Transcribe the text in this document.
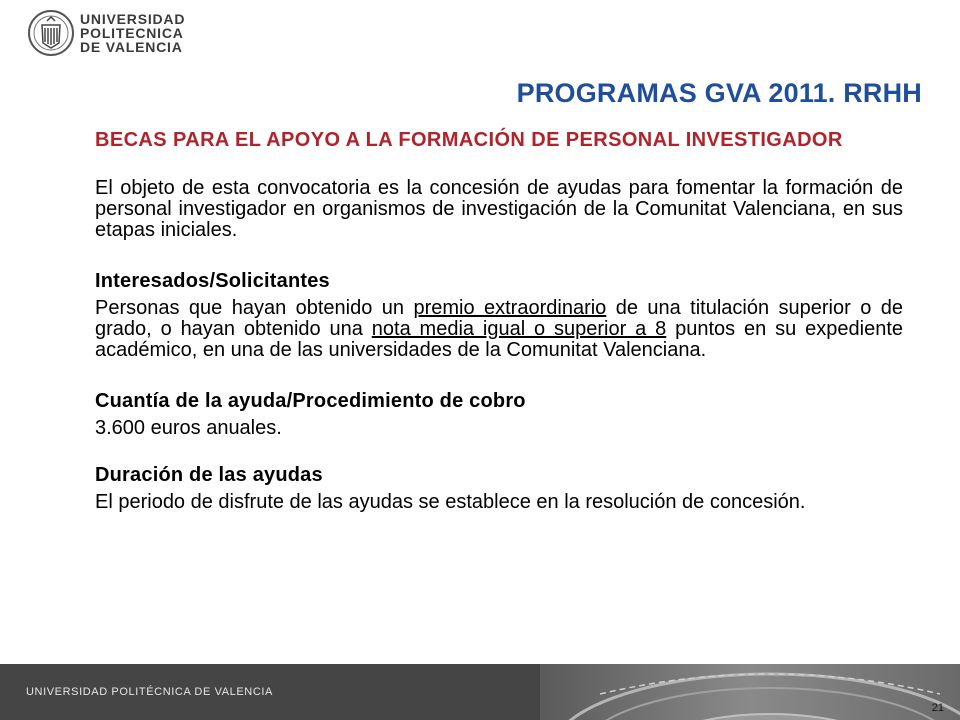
UNIVERSIDAD
POLITECNICA
DE VALENCIA
PROGRAMAS GVA 2011. RRHH

BECAS PARA EL APOYO A LA FORMACIÓN DE PERSONAL INVESTIGADOR

El objeto de esta convocatoria es la concesión de ayudas para fomentar la formación de personal investigador en organismos de investigación de la Comunitat Valenciana, en sus etapas iniciales.

Interesados/Solicitantes

Personas que hayan obtenido un premio extraordinario de una titulación superior o de grado, o hayan obtenido una nota media igual o superior a 8 puntos en su expediente académico, en una de las universidades de la Comunitat Valenciana.

Cuantía de la ayuda/Procedimiento de cobro

3.600 euros anuales.

Duración de las ayudas

El periodo de disfrute de las ayudas se establece en la resolución de concesión.

UNIVERSIDAD POLITÉCNICA DE VALENCIA
21
